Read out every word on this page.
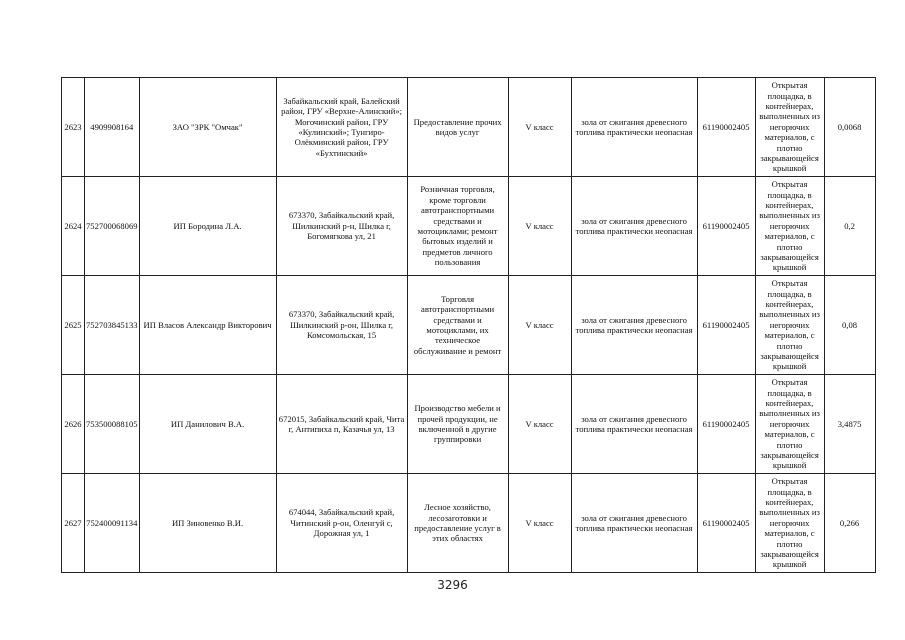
2623	4909908164	ЗАО "ЗРК "Омчак"	Забайкальский край, Балейский район, ГРУ «Верхне-Алинский»; Могочинский район, ГРУ «Кулинский»; Тунгиро-Олёкминский район, ГРУ «Бухтинский»	Предоставление прочих видов услуг	V класс	зола от сжигания древесного топлива практически неопасная	61190002405	Открытая площадка, в контейнерах, выполненных из негорючих материалов, с плотно закрывающейся крышкой	0,0068
2624	752700068069	ИП Бородина Л.А.	673370, Забайкальский край, Шилкинский р-н, Шилка г, Богомягкова ул, 21	Розничная торговля, кроме торговли автотранспортными средствами и мотоциклами; ремонт бытовых изделий и предметов личного пользования	V класс	зола от сжигания древесного топлива практически неопасная	61190002405	Открытая площадка, в контейнерах, выполненных из негорючих материалов, с плотно закрывающейся крышкой	0,2
2625	752703845133	ИП Власов Александр Викторович	673370, Забайкальский край, Шилкинский р-он, Шилка г, Комсомольская, 15	Торговля автотранспортными средствами и мотоциклами, их техническое обслуживание и ремонт	V класс	зола от сжигания древесного топлива практически неопасная	61190002405	Открытая площадка, в контейнерах, выполненных из негорючих материалов, с плотно закрывающейся крышкой	0,08
2626	753500088105	ИП Данилович В.А.	672015, Забайкальский край, Чита г, Антипиха п, Казачья ул, 13	Производство мебели и прочей продукции, не включенной в другие группировки	V класс	зола от сжигания древесного топлива практически неопасная	61190002405	Открытая площадка, в контейнерах, выполненных из негорючих материалов, с плотно закрывающейся крышкой	3,4875
2627	752400091134	ИП Зиновенко В.И.	674044, Забайкальский край, Читинский р-он, Оленгуй с, Дорожная ул, 1	Лесное хозяйство, лесозаготовки и предоставление услуг в этих областях	V класс	зола от сжигания древесного топлива практически неопасная	61190002405	Открытая площадка, в контейнерах, выполненных из негорючих материалов, с плотно закрывающейся крышкой	0,266
3296
